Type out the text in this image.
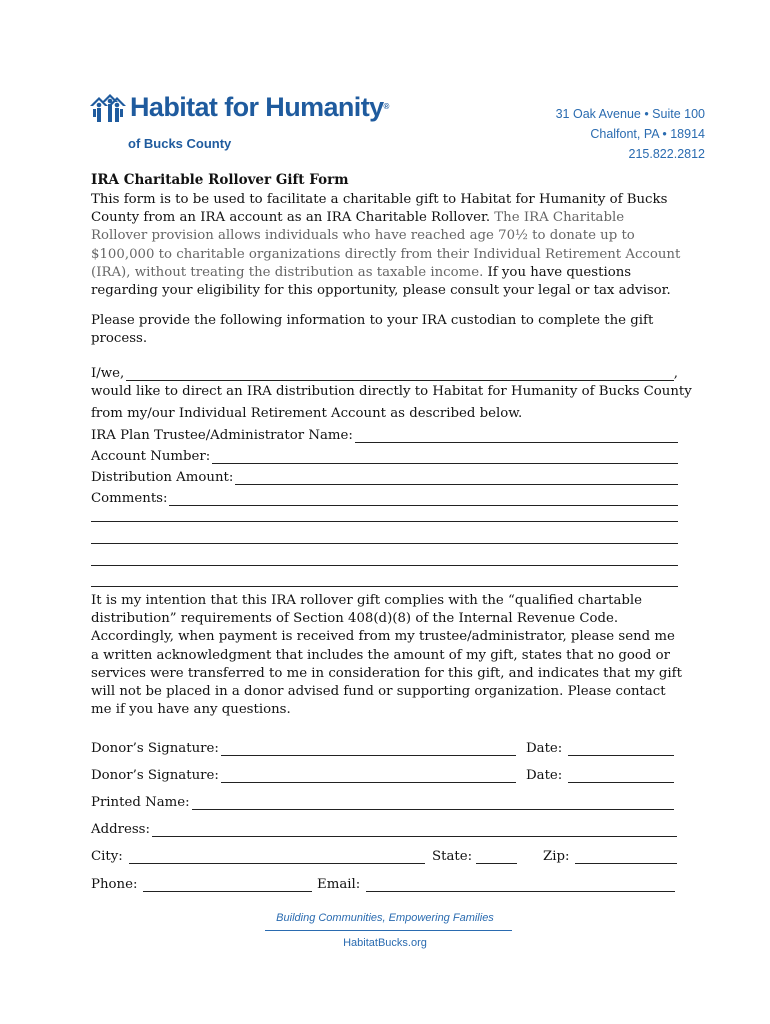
Habitat for Humanity®
of Bucks County
31 Oak Avenue • Suite 100
Chalfont, PA • 18914
215.822.2812
IRA Charitable Rollover Gift Form
This form is to be used to facilitate a charitable gift to Habitat for Humanity of Bucks County from an IRA account as an IRA Charitable Rollover. The IRA Charitable Rollover provision allows individuals who have reached age 70½ to donate up to $100,000 to charitable organizations directly from their Individual Retirement Account (IRA), without treating the distribution as taxable income. If you have questions regarding your eligibility for this opportunity, please consult your legal or tax advisor.
Please provide the following information to your IRA custodian to complete the gift process.
I/we,	,
would like to direct an IRA distribution directly to Habitat for Humanity of Bucks County
from my/our Individual Retirement Account as described below.
IRA Plan Trustee/Administrator Name:
Account Number:
Distribution Amount:
Comments:
It is my intention that this IRA rollover gift complies with the “qualified chartable distribution” requirements of Section 408(d)(8) of the Internal Revenue Code. Accordingly, when payment is received from my trustee/administrator, please send me a written acknowledgment that includes the amount of my gift, states that no good or services were transferred to me in consideration for this gift, and indicates that my gift will not be placed in a donor advised fund or supporting organization. Please contact me if you have any questions.
Donor’s Signature:	Date:
Donor’s Signature:	Date:
Printed Name:
Address:
City:	State:	Zip:
Phone:	Email:
Building Communities, Empowering Families
HabitatBucks.org
